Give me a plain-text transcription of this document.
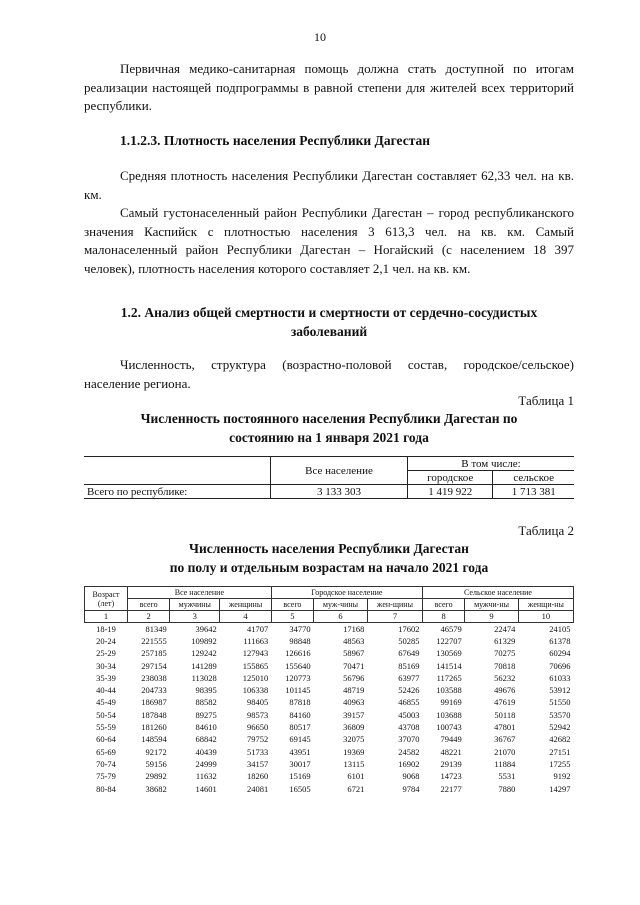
10

Первичная медико-санитарная помощь должна стать доступной по итогам реализации настоящей подпрограммы в равной степени для жителей всех территорий республики.

1.1.2.3. Плотность населения Республики Дагестан

Средняя плотность населения Республики Дагестан составляет 62,33 чел. на кв. км.

Самый густонаселенный район Республики Дагестан – город республиканского значения Каспийск с плотностью населения 3 613,3 чел. на кв. км. Самый малонаселенный район Республики Дагестан – Ногайский (с населением 18 397 человек), плотность населения которого составляет 2,1 чел. на кв. км.

1.2. Анализ общей смертности и смертности от сердечно-сосудистых
заболеваний

Численность, структура (возрастно-половой состав, городское/сельское) население региона.

Таблица 1
Численность постоянного населения Республики Дагестан по
состоянию на 1 января 2021 года
	Все население	В том числе:	
		городское	сельское
Всего по республике:	3 133 303	1 419 922	1 713 381
Таблица 2
Численность населения Республики Дагестан
по полу и отдельным возрастам на начало 2021 года
Возраст (лет)	Все население			Городское население			Сельское население		
	всего	мужчины	женщины	всего	муж-чины	жен-щины	всего	мужчи-ны	женщи-ны
1	2	3	4	5	6	7	8	9	10
18-19	81349	39642	41707	34770	17168	17602	46579	22474	24105
20-24	221555	109892	111663	98848	48563	50285	122707	61329	61378
25-29	257185	129242	127943	126616	58967	67649	130569	70275	60294
30-34	297154	141289	155865	155640	70471	85169	141514	70818	70696
35-39	238038	113028	125010	120773	56796	63977	117265	56232	61033
40-44	204733	98395	106338	101145	48719	52426	103588	49676	53912
45-49	186987	88582	98405	87818	40963	46855	99169	47619	51550
50-54	187848	89275	98573	84160	39157	45003	103688	50118	53570
55-59	181260	84610	96650	80517	36809	43708	100743	47801	52942
60-64	148594	68842	79752	69145	32075	37070	79449	36767	42682
65-69	92172	40439	51733	43951	19369	24582	48221	21070	27151
70-74	59156	24999	34157	30017	13115	16902	29139	11884	17255
75-79	29892	11632	18260	15169	6101	9068	14723	5531	9192
80-84	38682	14601	24081	16505	6721	9784	22177	7880	14297
